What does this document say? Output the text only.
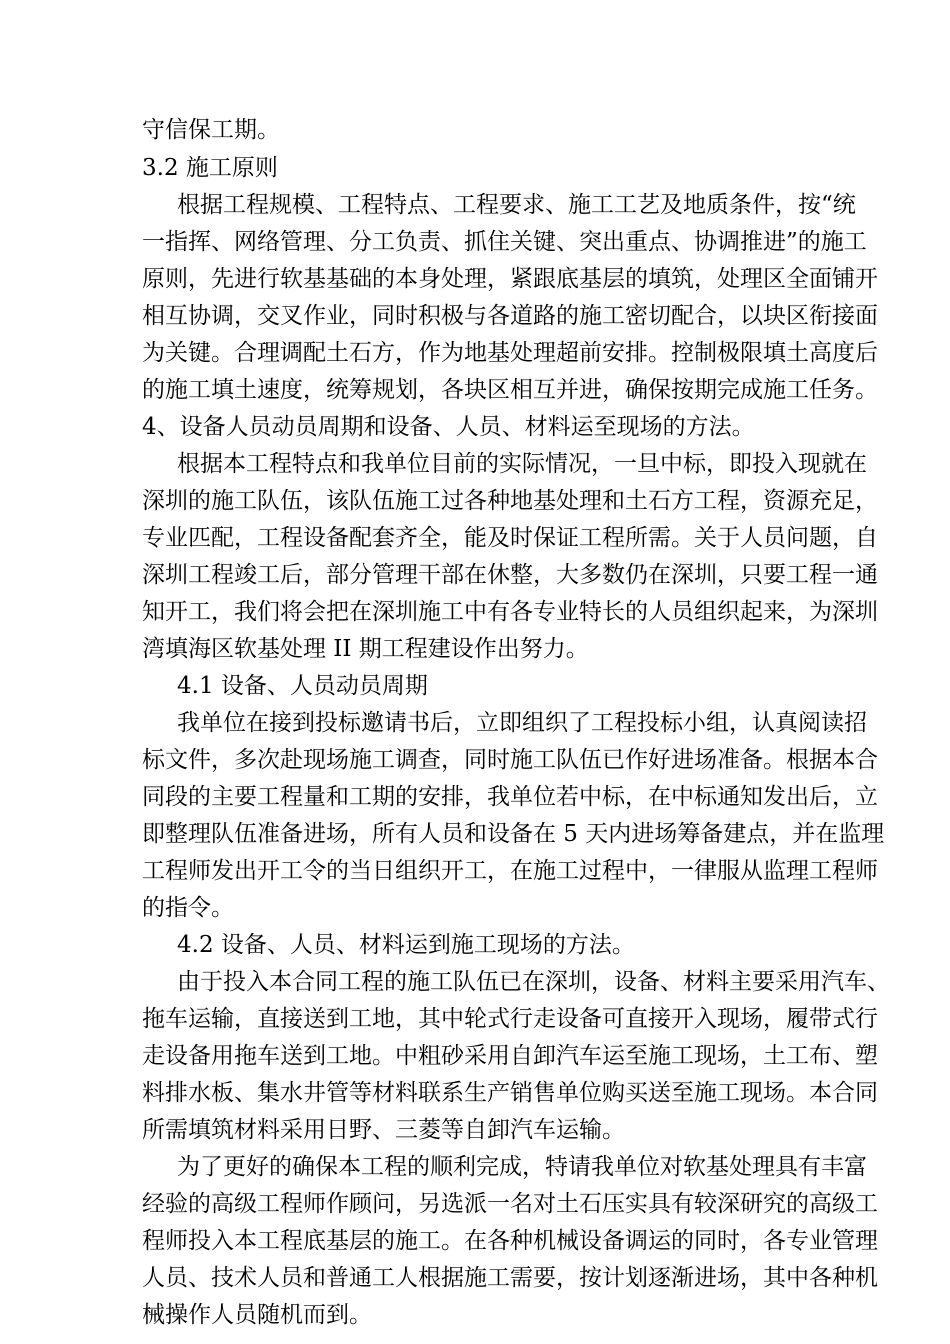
守信保工期。
3.2 施工原则
根据工程规模、工程特点、工程要求、施工工艺及地质条件，按“统
一指挥、网络管理、分工负责、抓住关键、突出重点、协调推进”的施工
原则，先进行软基基础的本身处理，紧跟底基层的填筑，处理区全面铺开
相互协调，交叉作业，同时积极与各道路的施工密切配合，以块区衔接面
为关键。合理调配土石方，作为地基处理超前安排。控制极限填土高度后
的施工填土速度，统筹规划，各块区相互并进，确保按期完成施工任务。
4、设备人员动员周期和设备、人员、材料运至现场的方法。
根据本工程特点和我单位目前的实际情况，一旦中标，即投入现就在
深圳的施工队伍，该队伍施工过各种地基处理和土石方工程，资源充足，
专业匹配，工程设备配套齐全，能及时保证工程所需。关于人员问题，自
深圳工程竣工后，部分管理干部在休整，大多数仍在深圳，只要工程一通
知开工，我们将会把在深圳施工中有各专业特长的人员组织起来，为深圳
湾填海区软基处理 II 期工程建设作出努力。
4.1 设备、人员动员周期
我单位在接到投标邀请书后，立即组织了工程投标小组，认真阅读招
标文件，多次赴现场施工调查，同时施工队伍已作好进场准备。根据本合
同段的主要工程量和工期的安排，我单位若中标，在中标通知发出后，立
即整理队伍准备进场，所有人员和设备在 5 天内进场筹备建点，并在监理
工程师发出开工令的当日组织开工，在施工过程中，一律服从监理工程师
的指令。
4.2 设备、人员、材料运到施工现场的方法。
由于投入本合同工程的施工队伍已在深圳，设备、材料主要采用汽车、
拖车运输，直接送到工地，其中轮式行走设备可直接开入现场，履带式行
走设备用拖车送到工地。中粗砂采用自卸汽车运至施工现场，土工布、塑
料排水板、集水井管等材料联系生产销售单位购买送至施工现场。本合同
所需填筑材料采用日野、三菱等自卸汽车运输。
为了更好的确保本工程的顺利完成，特请我单位对软基处理具有丰富
经验的高级工程师作顾问，另选派一名对土石压实具有较深研究的高级工
程师投入本工程底基层的施工。在各种机械设备调运的同时，各专业管理
人员、技术人员和普通工人根据施工需要，按计划逐渐进场，其中各种机
械操作人员随机而到。
